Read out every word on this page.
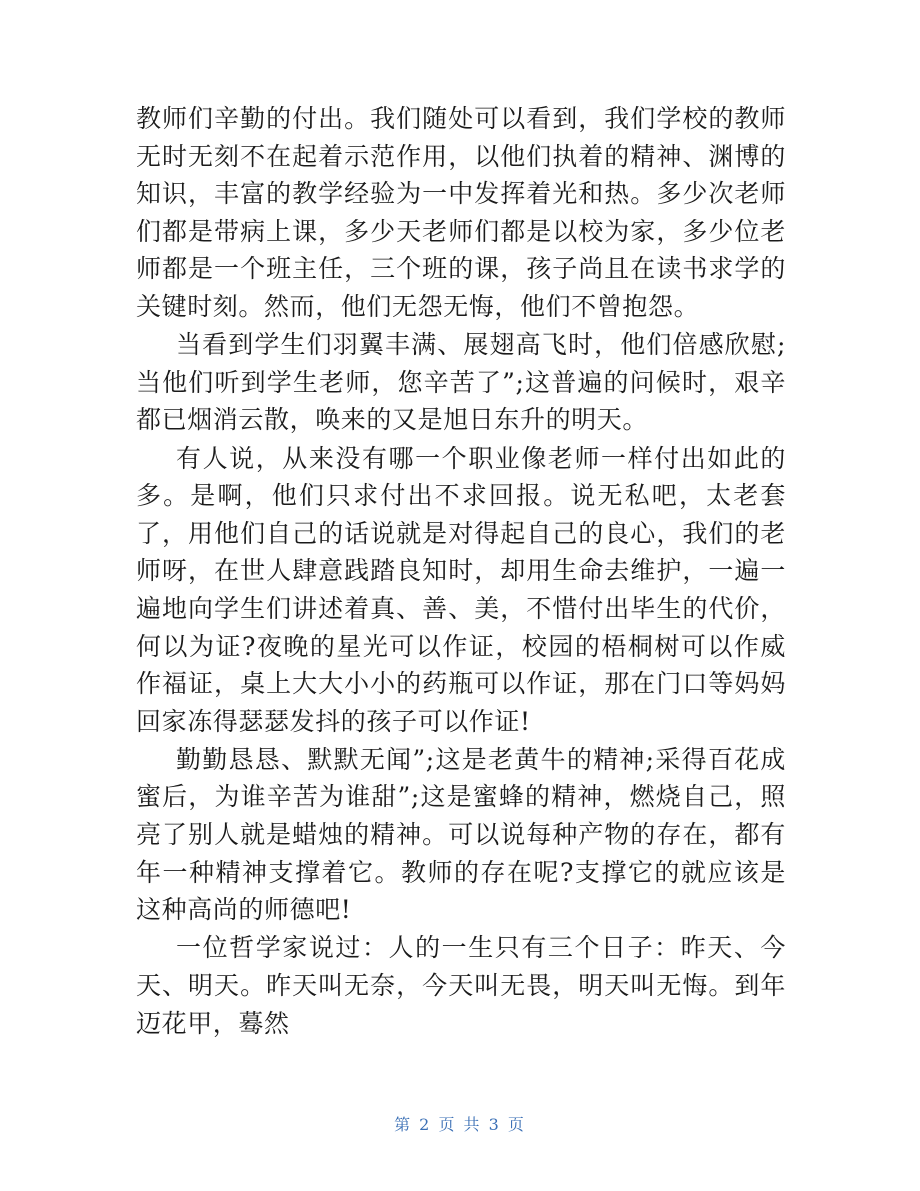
教师们辛勤的付出。我们随处可以看到，我们学校的教师无时无刻不在起着示范作用，以他们执着的精神、渊博的知识，丰富的教学经验为一中发挥着光和热。多少次老师们都是带病上课，多少天老师们都是以校为家，多少位老师都是一个班主任，三个班的课，孩子尚且在读书求学的关键时刻。然而，他们无怨无悔，他们不曾抱怨。

当看到学生们羽翼丰满、展翅高飞时，他们倍感欣慰;当他们听到学生老师，您辛苦了”;这普遍的问候时，艰辛都已烟消云散，唤来的又是旭日东升的明天。

有人说，从来没有哪一个职业像老师一样付出如此的多。是啊，他们只求付出不求回报。说无私吧，太老套了，用他们自己的话说就是对得起自己的良心，我们的老师呀，在世人肆意践踏良知时，却用生命去维护，一遍一遍地向学生们讲述着真、善、美，不惜付出毕生的代价，何以为证?夜晚的星光可以作证，校园的梧桐树可以作威作福证，桌上大大小小的药瓶可以作证，那在门口等妈妈回家冻得瑟瑟发抖的孩子可以作证!

勤勤恳恳、默默无闻”;这是老黄牛的精神;采得百花成蜜后，为谁辛苦为谁甜”;这是蜜蜂的精神，燃烧自己，照亮了别人就是蜡烛的精神。可以说每种产物的存在，都有年一种精神支撑着它。教师的存在呢?支撑它的就应该是这种高尚的师德吧!

一位哲学家说过：人的一生只有三个日子：昨天、今天、明天。昨天叫无奈，今天叫无畏，明天叫无悔。到年迈花甲，蓦然

第 2 页 共 3 页
